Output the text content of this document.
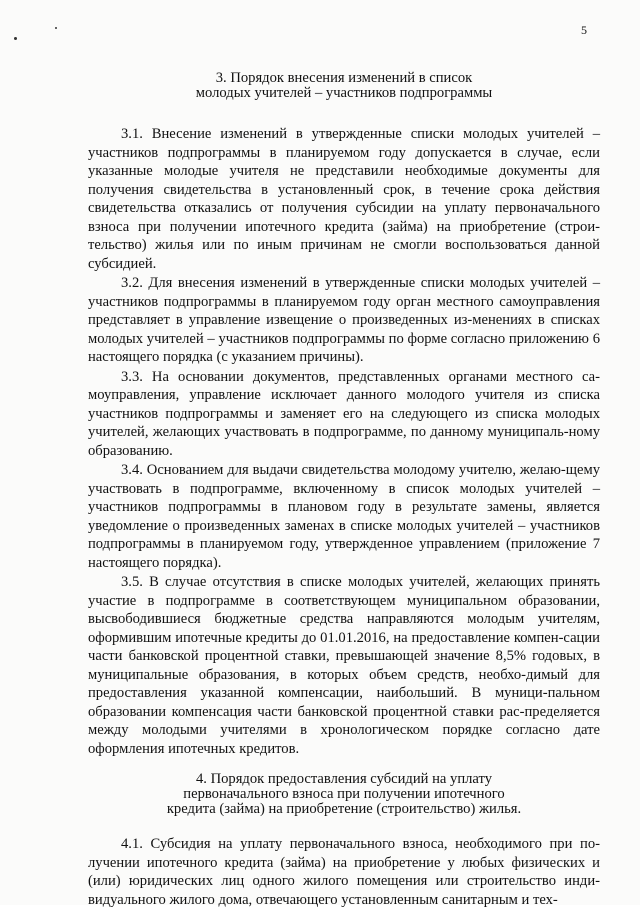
5
3. Порядок внесения изменений в список
молодых учителей – участников подпрограммы

3.1. Внесение изменений в утвержденные списки молодых учителей – участников подпрограммы в планируемом году допускается в случае, если указанные молодые учителя не представили необходимые документы для получения свидетельства в установленный срок, в течение срока действия свидетельства отказались от получения субсидии на уплату первоначального взноса при получении ипотечного кредита (займа) на приобретение (строи-тельство) жилья или по иным причинам не смогли воспользоваться данной субсидией.

3.2. Для внесения изменений в утвержденные списки молодых учителей – участников подпрограммы в планируемом году орган местного самоуправления представляет в управление извещение о произведенных из-менениях в списках молодых учителей – участников подпрограммы по форме согласно приложению 6 настоящего порядка (с указанием причины).

3.3. На основании документов, представленных органами местного са-моуправления, управление исключает данного молодого учителя из списка участников подпрограммы и заменяет его на следующего из списка молодых учителей, желающих участвовать в подпрограмме, по данному муниципаль-ному образованию.

3.4. Основанием для выдачи свидетельства молодому учителю, желаю-щему участвовать в подпрограмме, включенному в список молодых учителей – участников подпрограммы в плановом году в результате замены, является уведомление о произведенных заменах в списке молодых учителей – участников подпрограммы в планируемом году, утвержденное управлением (приложение 7 настоящего порядка).

3.5. В случае отсутствия в списке молодых учителей, желающих принять участие в подпрограмме в соответствующем муниципальном образовании, высвободившиеся бюджетные средства направляются молодым учителям, оформившим ипотечные кредиты до 01.01.2016, на предоставление компен-сации части банковской процентной ставки, превышающей значение 8,5% годовых, в муниципальные образования, в которых объем средств, необхо-димый для предоставления указанной компенсации, наибольший. В муници-пальном образовании компенсация части банковской процентной ставки рас-пределяется между молодыми учителями в хронологическом порядке согласно дате оформления ипотечных кредитов.

4. Порядок предоставления субсидий на уплату
первоначального взноса при получении ипотечного
кредита (займа) на приобретение (строительство) жилья.

4.1. Субсидия на уплату первоначального взноса, необходимого при по-лучении ипотечного кредита (займа) на приобретение у любых физических и (или) юридических лиц одного жилого помещения или строительство инди-видуального жилого дома, отвечающего установленным санитарным и тех-
